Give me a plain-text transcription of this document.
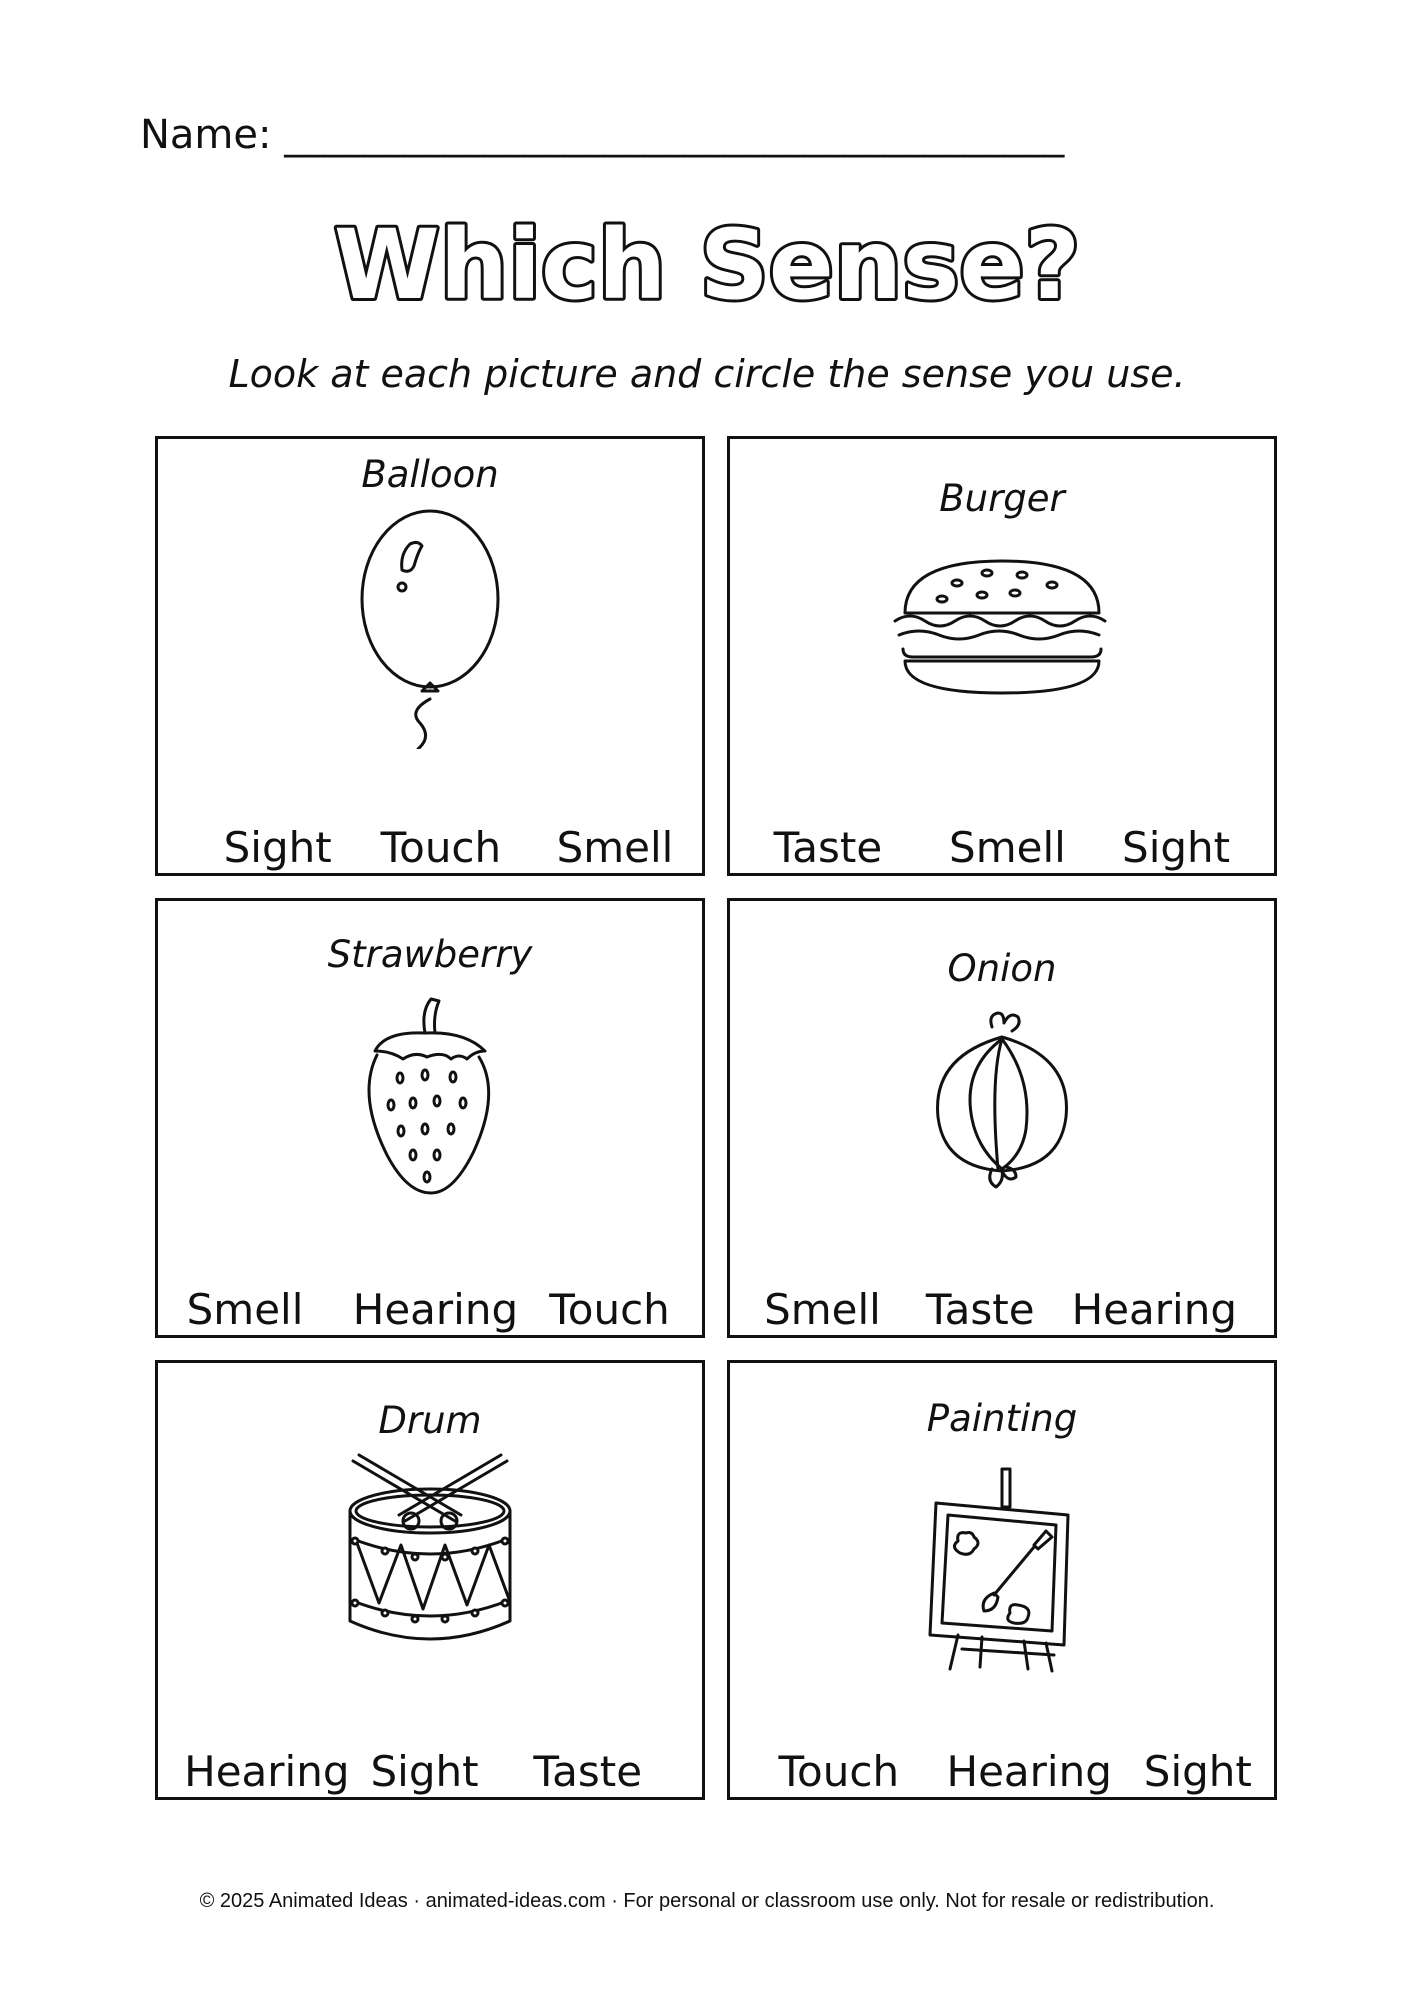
Name: _______________________________________
Which Sense?
Look at each picture and circle the sense you use.
Balloon
Sight Touch Smell
Burger
Taste Smell Sight
Strawberry
Smell Hearing Touch
Onion
Smell Taste Hearing
Drum
Hearing Sight Taste
Painting
Touch Hearing Sight
© 2025 Animated Ideas · animated-ideas.com · For personal or classroom use only. Not for resale or redistribution.
